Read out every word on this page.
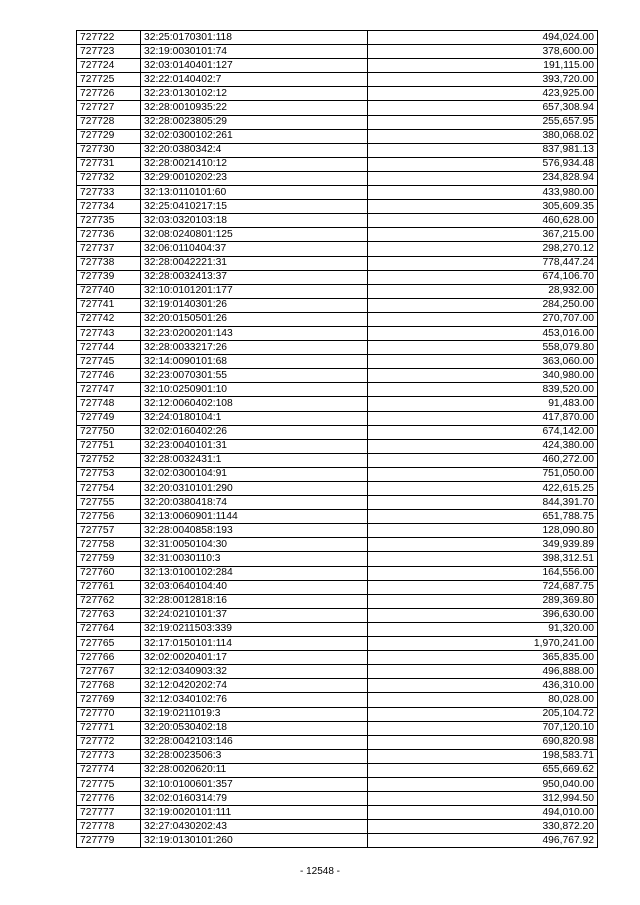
727722	32:25:0170301:118	494,024.00
727723	32:19:0030101:74	378,600.00
727724	32:03:0140401:127	191,115.00
727725	32:22:0140402:7	393,720.00
727726	32:23:0130102:12	423,925.00
727727	32:28:0010935:22	657,308.94
727728	32:28:0023805:29	255,657.95
727729	32:02:0300102:261	380,068.02
727730	32:20:0380342:4	837,981.13
727731	32:28:0021410:12	576,934.48
727732	32:29:0010202:23	234,828.94
727733	32:13:0110101:60	433,980.00
727734	32:25:0410217:15	305,609.35
727735	32:03:0320103:18	460,628.00
727736	32:08:0240801:125	367,215.00
727737	32:06:0110404:37	298,270.12
727738	32:28:0042221:31	778,447.24
727739	32:28:0032413:37	674,106.70
727740	32:10:0101201:177	28,932.00
727741	32:19:0140301:26	284,250.00
727742	32:20:0150501:26	270,707.00
727743	32:23:0200201:143	453,016.00
727744	32:28:0033217:26	558,079.80
727745	32:14:0090101:68	363,060.00
727746	32:23:0070301:55	340,980.00
727747	32:10:0250901:10	839,520.00
727748	32:12:0060402:108	91,483.00
727749	32:24:0180104:1	417,870.00
727750	32:02:0160402:26	674,142.00
727751	32:23:0040101:31	424,380.00
727752	32:28:0032431:1	460,272.00
727753	32:02:0300104:91	751,050.00
727754	32:20:0310101:290	422,615.25
727755	32:20:0380418:74	844,391.70
727756	32:13:0060901:1144	651,788.75
727757	32:28:0040858:193	128,090.80
727758	32:31:0050104:30	349,939.89
727759	32:31:0030110:3	398,312.51
727760	32:13:0100102:284	164,556.00
727761	32:03:0640104:40	724,687.75
727762	32:28:0012818:16	289,369.80
727763	32:24:0210101:37	396,630.00
727764	32:19:0211503:339	91,320.00
727765	32:17:0150101:114	1,970,241.00
727766	32:02:0020401:17	365,835.00
727767	32:12:0340903:32	496,888.00
727768	32:12:0420202:74	436,310.00
727769	32:12:0340102:76	80,028.00
727770	32:19:0211019:3	205,104.72
727771	32:20:0530402:18	707,120.10
727772	32:28:0042103:146	690,820.98
727773	32:28:0023506:3	198,583.71
727774	32:28:0020620:11	655,669.62
727775	32:10:0100601:357	950,040.00
727776	32:02:0160314:79	312,994.50
727777	32:19:0020101:111	494,010.00
727778	32:27:0430202:43	330,872.20
727779	32:19:0130101:260	496,767.92
- 12548 -
